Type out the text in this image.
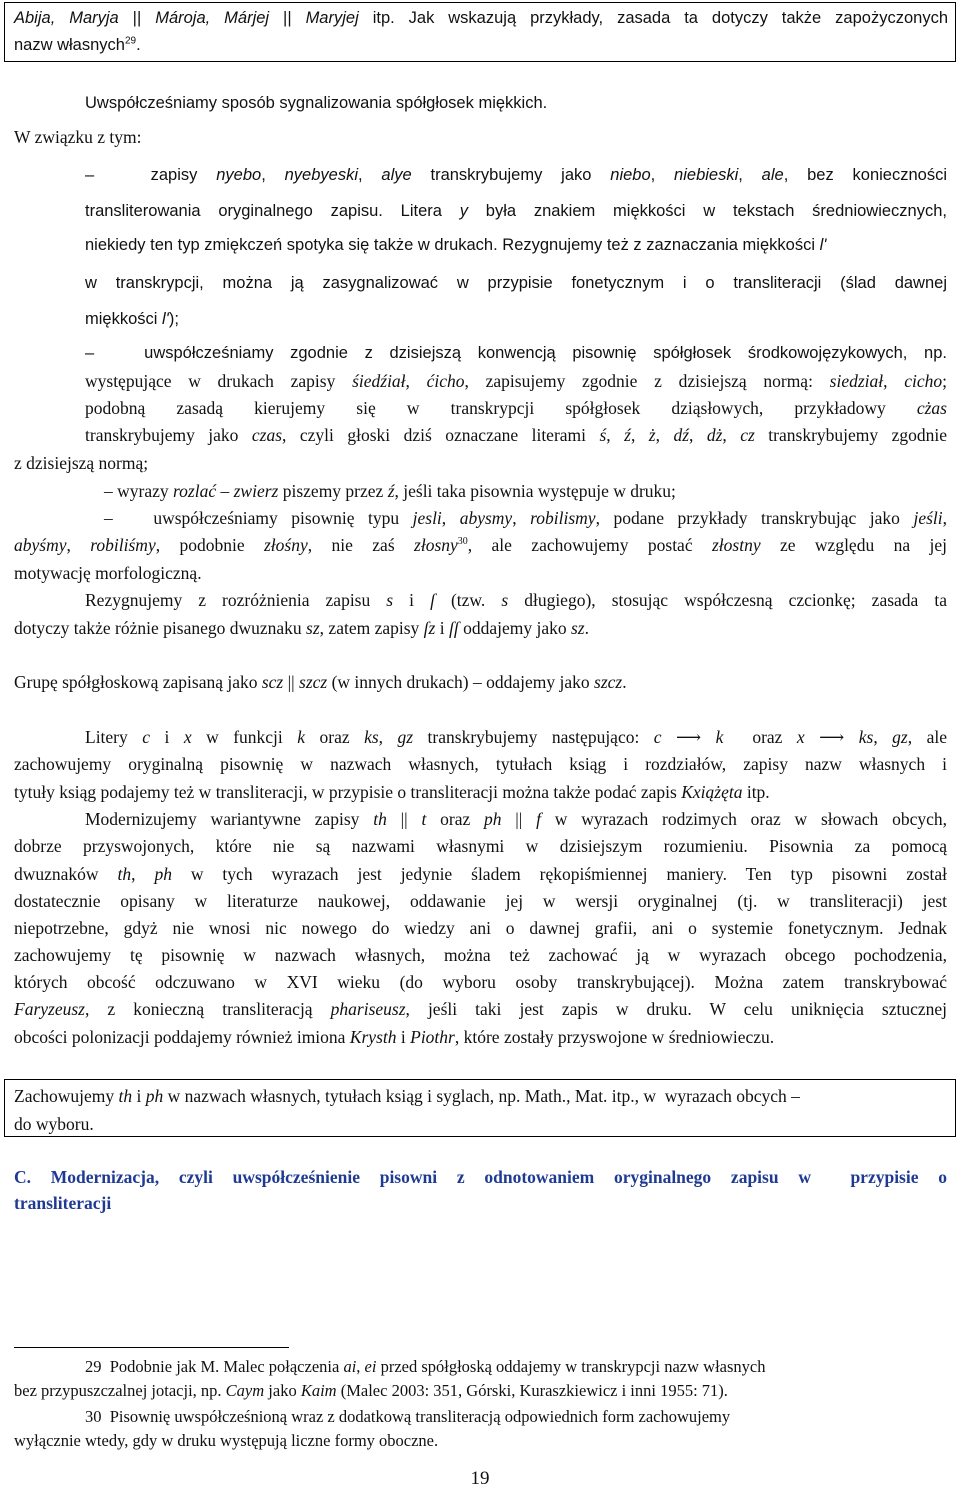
Abija, Maryja || Mároja, Márjej || Maryjej itp. Jak wskazują przykłady, zasada ta dotyczy także zapożyczonych
nazw własnych$^{29}$.
Uwspółcześniamy sposób sygnalizowania spółgłosek miękkich.
W związku z tym:
–   zapisy nyebo, nyebyeski, alye transkrybujemy jako niebo, niebieski, ale, bez konieczności
transliterowania oryginalnego zapisu. Litera y była znakiem miękkości w tekstach średniowiecznych,
niekiedy ten typ zmiękczeń spotyka się także w drukach. Rezygnujemy też z zaznaczania miękkości l'
w transkrypcji, można ją zasygnalizować w przypisie fonetycznym i o transliteracji (ślad dawnej
miękkości l');
–   uwspółcześniamy zgodnie z dzisiejszą konwencją pisownię spółgłosek środkowojęzykowych, np.
występujące w drukach zapisy śiedźiał, ćicho, zapisujemy zgodnie z dzisiejszą normą: siedział, cicho;
podobną zasadą kierujemy się w transkrypcji spółgłosek dziąsłowych, przykładowy cżas
transkrybujemy jako czas, czyli głoski dziś oznaczane literami ś, ź, ż, dź, dż, cz transkrybujemy zgodnie
z dzisiejszą normą;
– wyrazy rozlać – zwierz piszemy przez ź, jeśli taka pisownia występuje w druku;
–   uwspółcześniamy pisownię typu jesli, abysmy, robilismy, podane przykłady transkrybując jako jeśli,
abyśmy, robiliśmy, podobnie złośny, nie zaś złosny$^{30}$, ale zachowujemy postać złostny ze względu na jej
motywację morfologiczną.
Rezygnujemy z rozróżnienia zapisu s i ſ (tzw. s długiego), stosując współczesną czcionkę; zasada ta
dotyczy także różnie pisanego dwuznaku sz, zatem zapisy ſz i ſſ oddajemy jako sz.
Grupę spółgłoskową zapisaną jako scz || szcz (w innych drukach) – oddajemy jako szcz.
Litery c i x w funkcji k oraz ks, gz transkrybujemy następująco: c ⟶ k  oraz x ⟶ ks, gz, ale
zachowujemy oryginalną pisownię w nazwach własnych, tytułach ksiąg i rozdziałów, zapisy nazw własnych i
tytuły ksiąg podajemy też w transliteracji, w przypisie o transliteracji można także podać zapis Kxiążęta itp.
Modernizujemy wariantywne zapisy th || t oraz ph || f w wyrazach rodzimych oraz w słowach obcych,
dobrze przyswojonych, które nie są nazwami własnymi w dzisiejszym rozumieniu. Pisownia za pomocą
dwuznaków th, ph w tych wyrazach jest jedynie śladem rękopiśmiennej maniery. Ten typ pisowni został
dostatecznie opisany w literaturze naukowej, oddawanie jej w wersji oryginalnej (tj. w transliteracji) jest
niepotrzebne, gdyż nie wnosi nic nowego do wiedzy ani o dawnej grafii, ani o systemie fonetycznym. Jednak
zachowujemy tę pisownię w nazwach własnych, można też zachować ją w wyrazach obcego pochodzenia,
których obcość odczuwano w XVI wieku (do wyboru osoby transkrybującej). Można zatem transkrybować
Faryzeusz, z konieczną transliteracją phariseusz, jeśli taki jest zapis w druku. W celu uniknięcia sztucznej
obcości polonizacji poddajemy również imiona Krysth i Piothr, które zostały przyswojone w średniowieczu.
Zachowujemy th i ph w nazwach własnych, tytułach ksiąg i syglach, np. Math., Mat. itp., w  wyrazach obcych –
do wyboru.
C. Modernizacja, czyli uwspółcześnienie pisowni z odnotowaniem oryginalnego zapisu w  przypisie o
transliteracji
29  Podobnie jak M. Malec połączenia ai, ei przed spółgłoską oddajemy w transkrypcji nazw własnych
bez przypuszczalnej jotacji, np. Caym jako Kaim (Malec 2003: 351, Górski, Kuraszkiewicz i inni 1955: 71).
30  Pisownię uwspółcześnioną wraz z dodatkową transliteracją odpowiednich form zachowujemy
wyłącznie wtedy, gdy w druku występują liczne formy oboczne.
19
